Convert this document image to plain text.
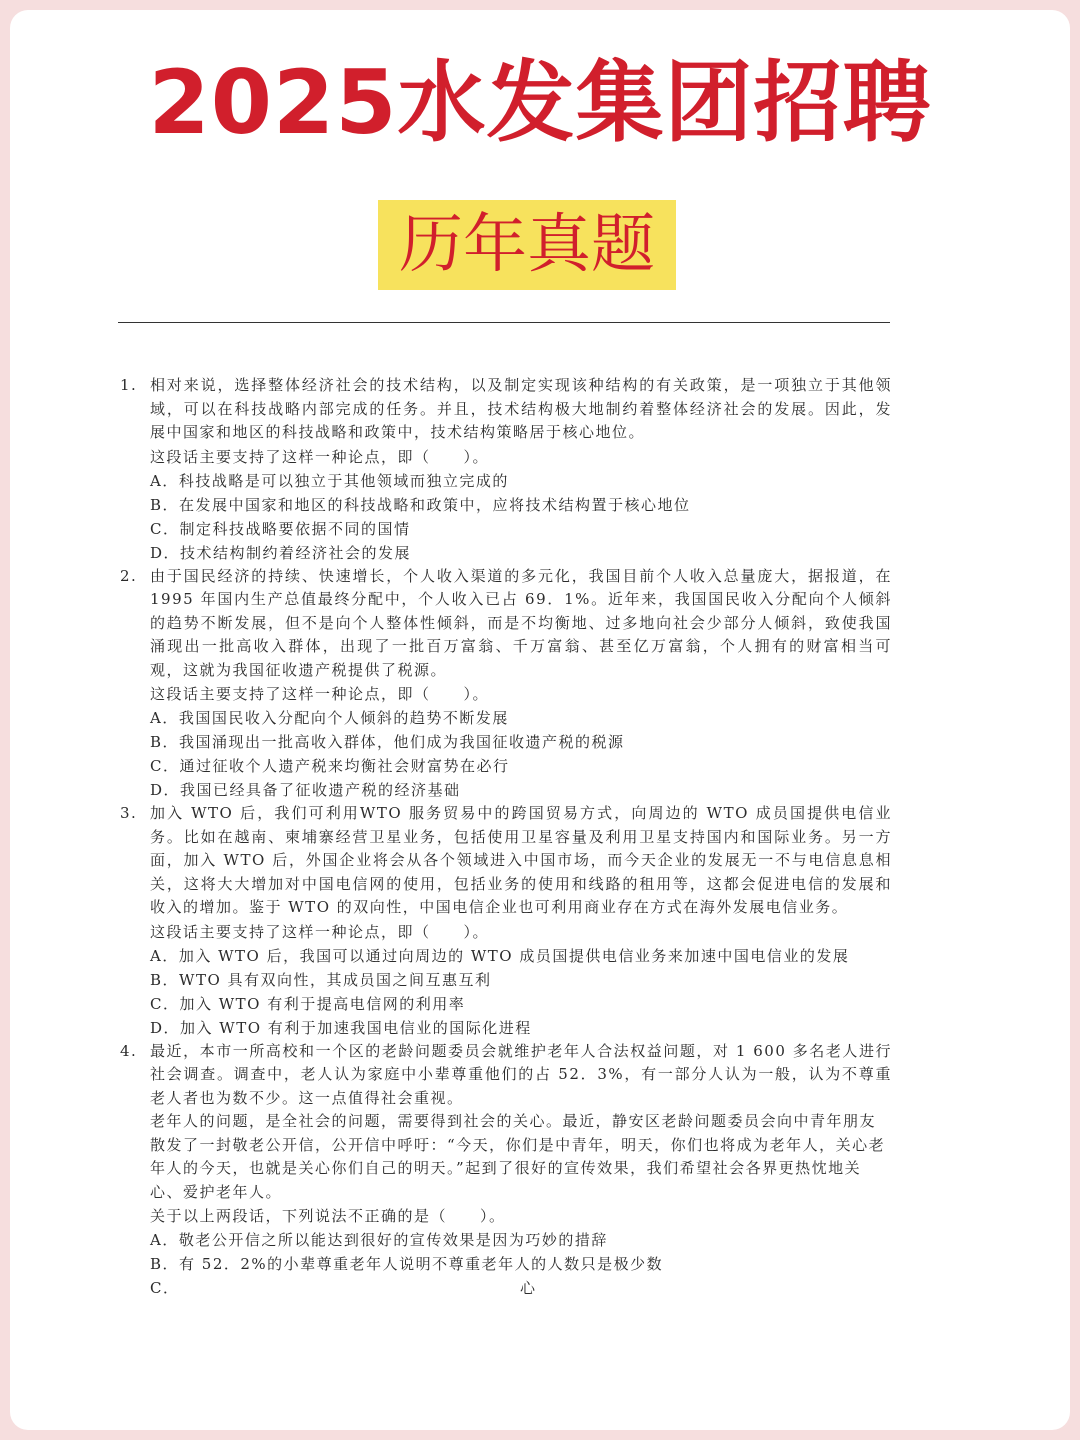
2025水发集团招聘
历年真题
1. 相对来说，选择整体经济社会的技术结构，以及制定实现该种结构的有关政策，是一项独立于其他领域，可以在科技战略内部完成的任务。并且，技术结构极大地制约着整体经济社会的发展。因此，发展中国家和地区的科技战略和政策中，技术结构策略居于核心地位。
这段话主要支持了这样一种论点，即（　　）。
A．科技战略是可以独立于其他领域而独立完成的
B．在发展中国家和地区的科技战略和政策中，应将技术结构置于核心地位
C．制定科技战略要依据不同的国情
D．技术结构制约着经济社会的发展
2. 由于国民经济的持续、快速增长，个人收入渠道的多元化，我国目前个人收入总量庞大，据报道，在 1995 年国内生产总值最终分配中，个人收入已占 69．1%。近年来，我国国民收入分配向个人倾斜的趋势不断发展，但不是向个人整体性倾斜，而是不均衡地、过多地向社会少部分人倾斜，致使我国涌现出一批高收入群体，出现了一批百万富翁、千万富翁、甚至亿万富翁，个人拥有的财富相当可观，这就为我国征收遗产税提供了税源。
这段话主要支持了这样一种论点，即（　　）。
A．我国国民收入分配向个人倾斜的趋势不断发展
B．我国涌现出一批高收入群体，他们成为我国征收遗产税的税源
C．通过征收个人遗产税来均衡社会财富势在必行
D．我国已经具备了征收遗产税的经济基础
3. 加入 WTO 后，我们可利用WTO 服务贸易中的跨国贸易方式，向周边的 WTO 成员国提供电信业务。比如在越南、柬埔寨经营卫星业务，包括使用卫星容量及利用卫星支持国内和国际业务。另一方面，加入 WTO 后，外国企业将会从各个领域进入中国市场，而今天企业的发展无一不与电信息息相关，这将大大增加对中国电信网的使用，包括业务的使用和线路的租用等，这都会促进电信的发展和收入的增加。鉴于 WTO 的双向性，中国电信企业也可利用商业存在方式在海外发展电信业务。
这段话主要支持了这样一种论点，即（　　）。
A．加入 WTO 后，我国可以通过向周边的 WTO 成员国提供电信业务来加速中国电信业的发展
B．WTO 具有双向性，其成员国之间互惠互利
C．加入 WTO 有利于提高电信网的利用率
D．加入 WTO 有利于加速我国电信业的国际化进程
4. 最近，本市一所高校和一个区的老龄问题委员会就维护老年人合法权益问题，对 1 600 多名老人进行社会调查。调查中，老人认为家庭中小辈尊重他们的占 52．3%，有一部分人认为一般，认为不尊重老人者也为数不少。这一点值得社会重视。
老年人的问题，是全社会的问题，需要得到社会的关心。最近，静安区老龄问题委员会向中青年朋友散发了一封敬老公开信，公开信中呼吁：“今天，你们是中青年，明天，你们也将成为老年人，关心老年人的今天，也就是关心你们自己的明天。”起到了很好的宣传效果，我们希望社会各界更热忱地关心、爱护老年人。
关于以上两段话，下列说法不正确的是（　　）。
A．敬老公开信之所以能达到很好的宣传效果是因为巧妙的措辞
B．有 52．2%的小辈尊重老年人说明不尊重老年人的人数只是极少数
C．	心
